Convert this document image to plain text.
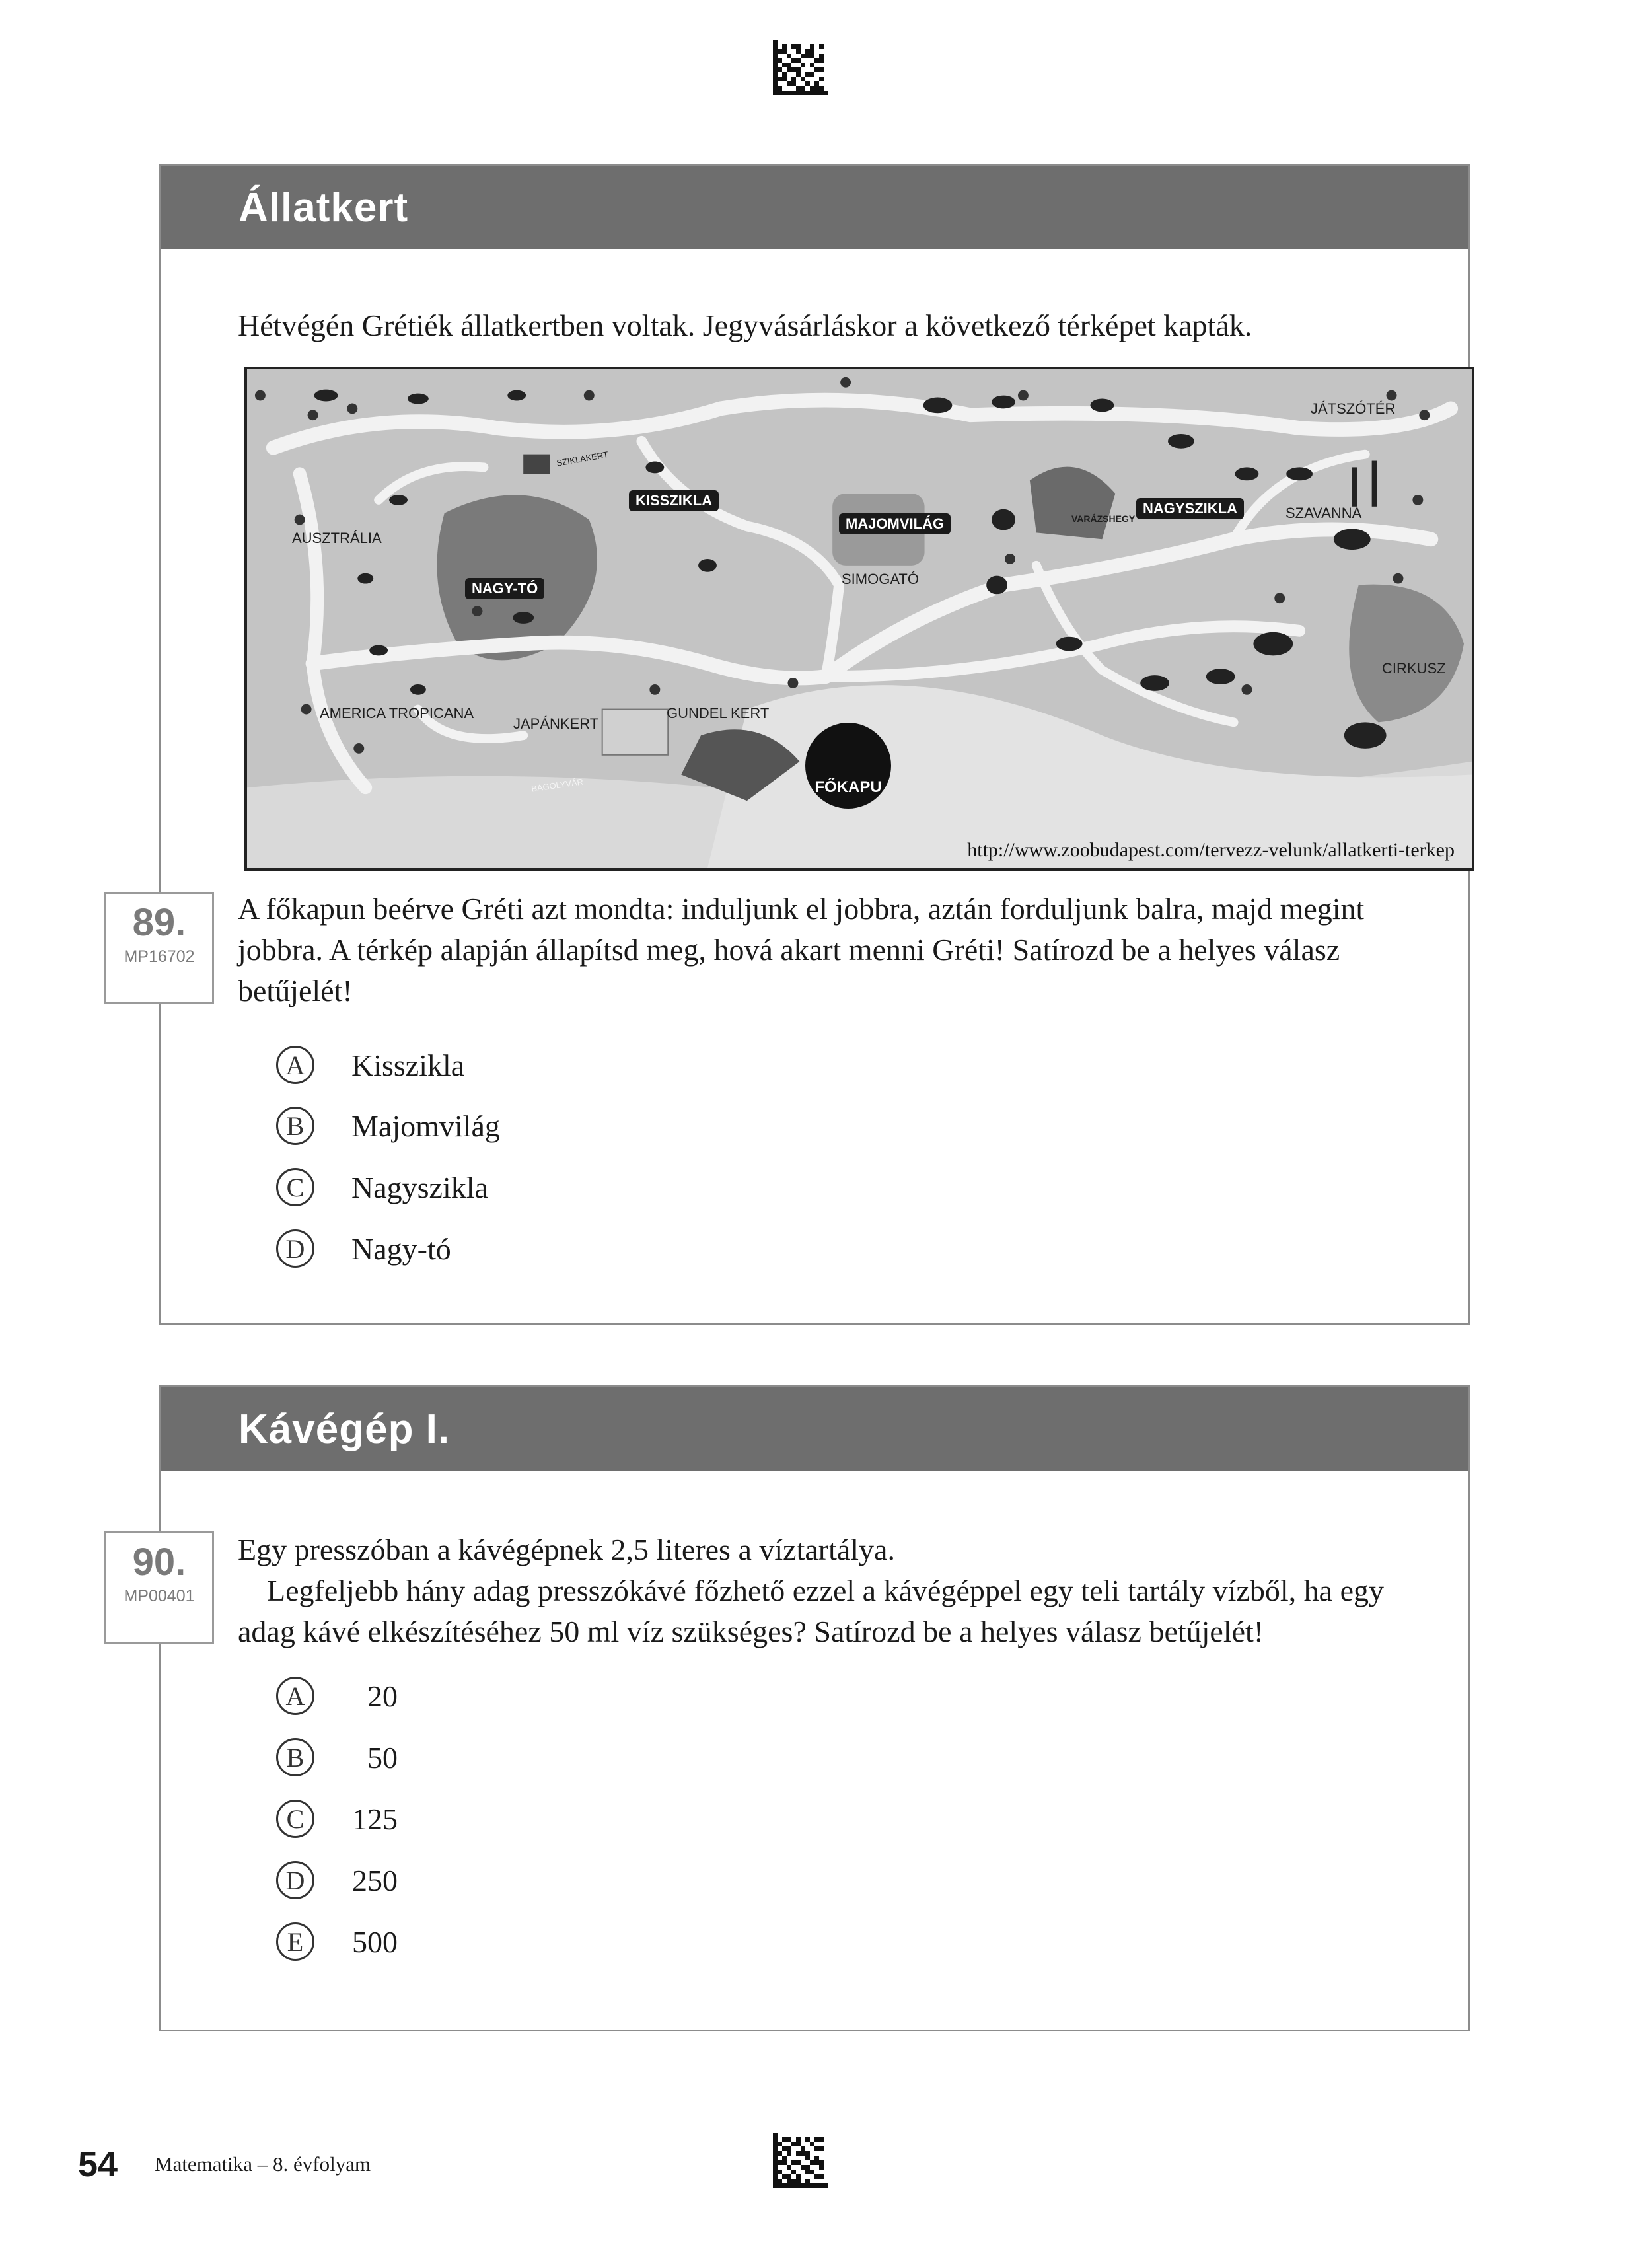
Állatkert
Hétvégén Grétiék állatkertben voltak. Jegyvásárláskor a következő térképet kapták.
AUSZTRÁLIA
KISSZIKLA
MAJOMVILÁG	VARÁZSHEGY
NAGYSZIKLA
JÁTSZÓTÉR
SZAVANNA
NAGY-TÓ
SIMOGATÓ
CIRKUSZ
AMERICA TROPICANA
JAPÁNKERT
GUNDEL KERT
SZIKLAKERT
BAGOLYVÁR	FŐKAPU
http://www.zoobudapest.com/tervezz-velunk/allatkerti-terkep
89.
MP16702
A főkapun beérve Gréti azt mondta: induljunk el jobbra, aztán forduljunk balra, majd megint jobbra. A térkép alapján állapítsd meg, hová akart menni Gréti! Satírozd be a helyes válasz betűjelét!
A	Kisszikla
B	Majomvilág
C	Nagyszikla
D	Nagy-tó
Kávégép I.
90.
MP00401
Egy presszóban a kávégépnek 2,5 literes a víztartálya.
Legfeljebb hány adag presszókávé főzhető ezzel a kávégéppel egy teli tartály vízből, ha egy adag kávé elkészítéséhez 50 ml víz szükséges? Satírozd be a helyes válasz betűjelét!
A	20
B	50
C	125
D	250
E	500
54 Matematika – 8. évfolyam
